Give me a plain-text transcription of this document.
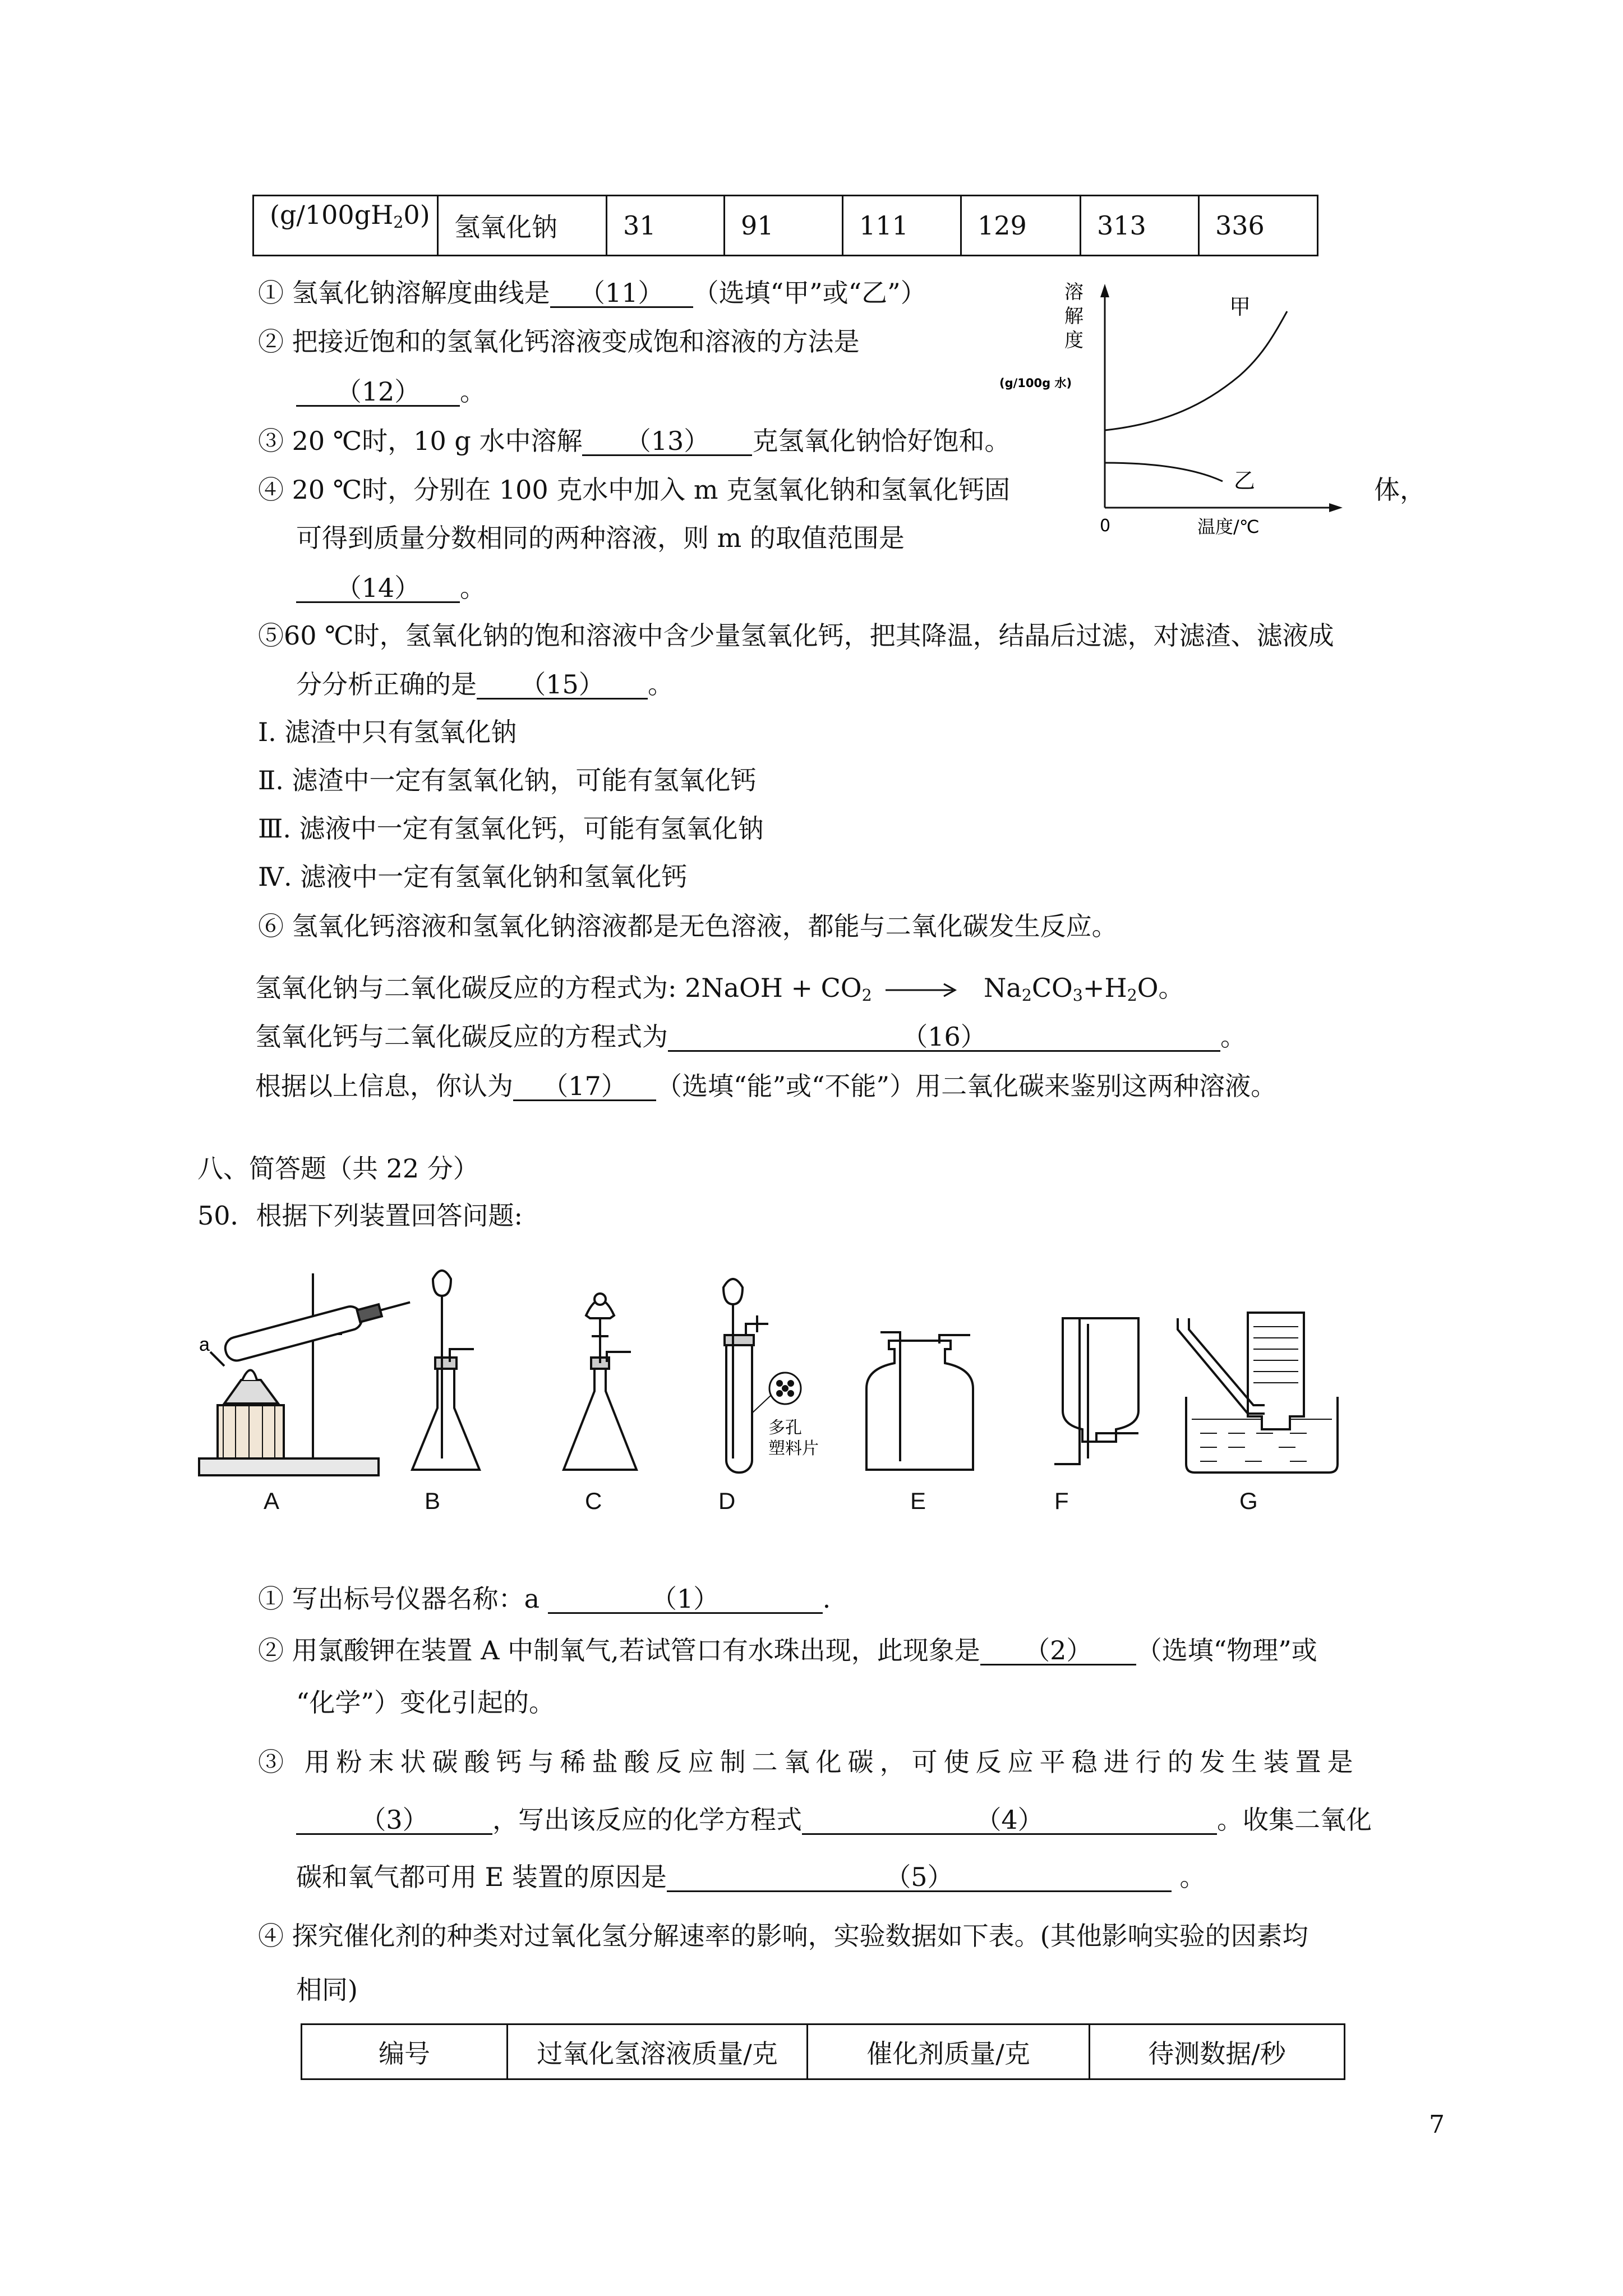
$(g/100gH_20)$	氢氧化钠	31	91	111	129	313	336
① 氢氧化钠溶解度曲线是 （11） （选填“甲”或“乙”）
② 把接近饱和的氢氧化钙溶液变成饱和溶液的方法是
（12） 。
③ 20 ℃时，10 g 水中溶解 （13） 克氢氧化钠恰好饱和。
④ 20 ℃时，分别在 100 克水中加入 m 克氢氧化钠和氢氧化钙固	体，
可得到质量分数相同的两种溶液，则 m 的取值范围是
（14） 。
⑤60 ℃时，氢氧化钠的饱和溶液中含少量氢氧化钙，把其降温，结晶后过滤，对滤渣、滤液成
分分析正确的是 （15） 。
Ⅰ. 滤渣中只有氢氧化钠
Ⅱ. 滤渣中一定有氢氧化钠，可能有氢氧化钙
Ⅲ. 滤液中一定有氢氧化钙，可能有氢氧化钠
Ⅳ. 滤液中一定有氢氧化钠和氢氧化钙
⑥ 氢氧化钙溶液和氢氧化钠溶液都是无色溶液，都能与二氧化碳发生反应。
氢氧化钠与二氧化碳反应的方程式为: 2NaOH + $CO_2$	$Na_2CO_3+H_2O$。
氢氧化钙与二氧化碳反应的方程式为	（16）	。
根据以上信息，你认为 （17） （选填“能”或“不能”）用二氧化碳来鉴别这两种溶液。
溶
解
度
(g/100g 水)
甲
乙
0	温度/℃
八、简答题（共 22 分）
50．根据下列装置回答问题:
a
多孔
塑料片
A	B	C	D	E	F	G
① 写出标号仪器名称：a	（1）	.
② 用氯酸钾在装置 A 中制氧气,若试管口有水珠出现，此现象是 （2） （选填“物理”或
“化学”）变化引起的。
③ 用粉末状碳酸钙与稀盐酸反应制二氧化碳，可使反应平稳进行的发生装置是
（3） ，写出该反应的化学方程式	（4）	。收集二氧化
碳和氧气都可用 E 装置的原因是	（5）	。
④ 探究催化剂的种类对过氧化氢分解速率的影响，实验数据如下表。(其他影响实验的因素均
相同)
编号	过氧化氢溶液质量/克	催化剂质量/克	待测数据/秒
7
